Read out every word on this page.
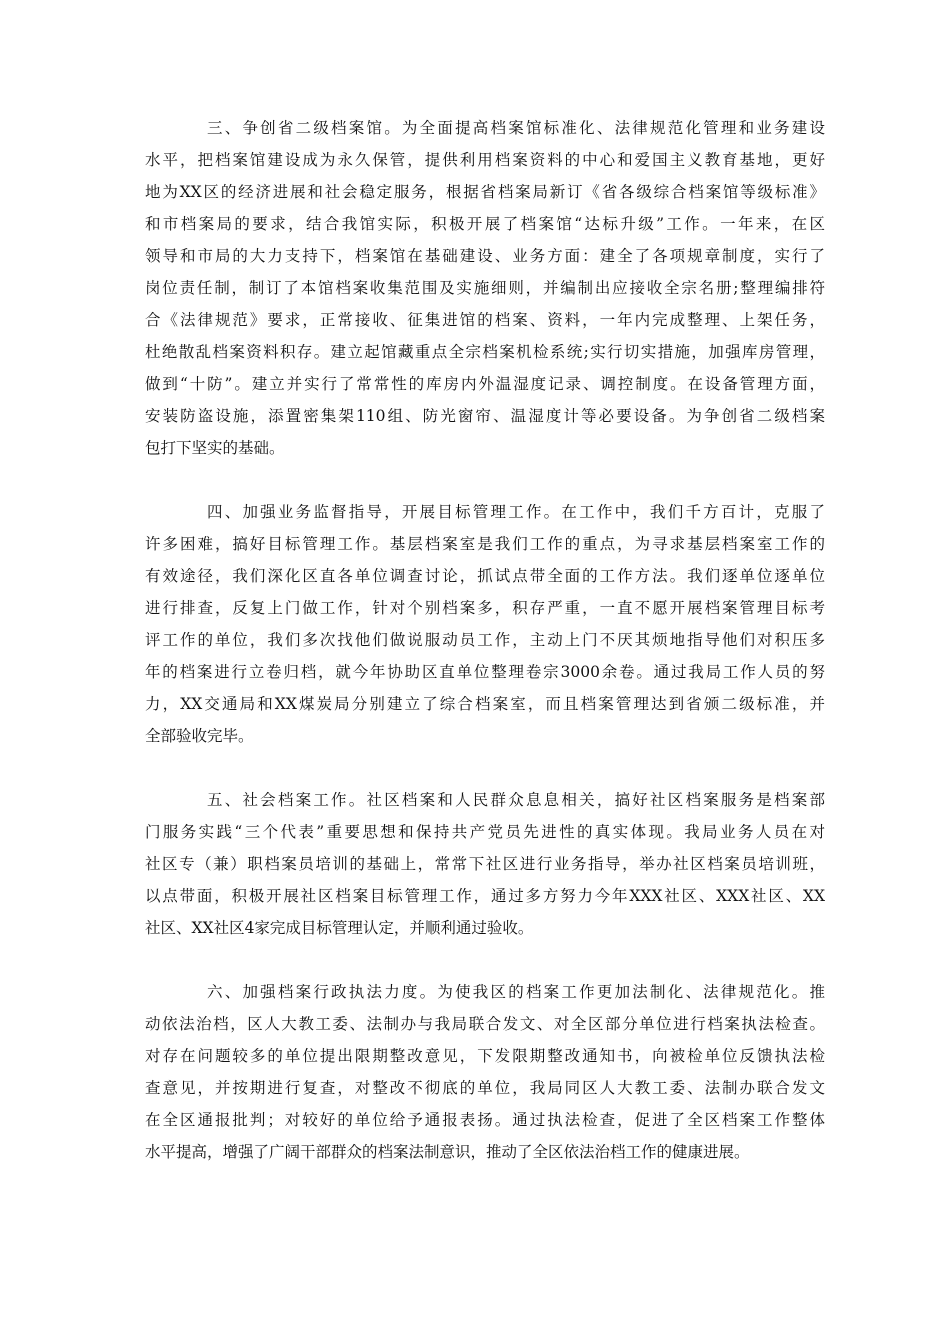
三、争创省二级档案馆。为全面提高档案馆标准化、法律规范化管理和业务建设
水平，把档案馆建设成为永久保管，提供利用档案资料的中心和爱国主义教育基地，更好
地为XX区的经济进展和社会稳定服务，根据省档案局新订《省各级综合档案馆等级标准》
和市档案局的要求，结合我馆实际，积极开展了档案馆“达标升级”工作。一年来，在区
领导和市局的大力支持下，档案馆在基础建设、业务方面：建全了各项规章制度，实行了
岗位责任制，制订了本馆档案收集范围及实施细则，并编制出应接收全宗名册;整理编排符
合《法律规范》要求，正常接收、征集进馆的档案、资料，一年内完成整理、上架任务，
杜绝散乱档案资料积存。建立起馆藏重点全宗档案机检系统;实行切实措施，加强库房管理，
做到“十防”。建立并实行了常常性的库房内外温湿度记录、调控制度。在设备管理方面，
安装防盗设施，添置密集架110组、防光窗帘、温湿度计等必要设备。为争创省二级档案
包打下坚实的基础。
四、加强业务监督指导，开展目标管理工作。在工作中，我们千方百计，克服了
许多困难，搞好目标管理工作。基层档案室是我们工作的重点，为寻求基层档案室工作的
有效途径，我们深化区直各单位调查讨论，抓试点带全面的工作方法。我们逐单位逐单位
进行排查，反复上门做工作，针对个别档案多，积存严重，一直不愿开展档案管理目标考
评工作的单位，我们多次找他们做说服动员工作，主动上门不厌其烦地指导他们对积压多
年的档案进行立卷归档，就今年协助区直单位整理卷宗3000余卷。通过我局工作人员的努
力，XX交通局和XX煤炭局分别建立了综合档案室，而且档案管理达到省颁二级标准，并
全部验收完毕。
五、社会档案工作。社区档案和人民群众息息相关，搞好社区档案服务是档案部
门服务实践“三个代表”重要思想和保持共产党员先进性的真实体现。我局业务人员在对
社区专（兼）职档案员培训的基础上，常常下社区进行业务指导，举办社区档案员培训班，
以点带面，积极开展社区档案目标管理工作，通过多方努力今年XXX社区、XXX社区、XX
社区、XX社区4家完成目标管理认定，并顺利通过验收。
六、加强档案行政执法力度。为使我区的档案工作更加法制化、法律规范化。推
动依法治档，区人大教工委、法制办与我局联合发文、对全区部分单位进行档案执法检查。
对存在问题较多的单位提出限期整改意见，下发限期整改通知书，向被检单位反馈执法检
查意见，并按期进行复查，对整改不彻底的单位，我局同区人大教工委、法制办联合发文
在全区通报批判；对较好的单位给予通报表扬。通过执法检查，促进了全区档案工作整体
水平提高，增强了广阔干部群众的档案法制意识，推动了全区依法治档工作的健康进展。
